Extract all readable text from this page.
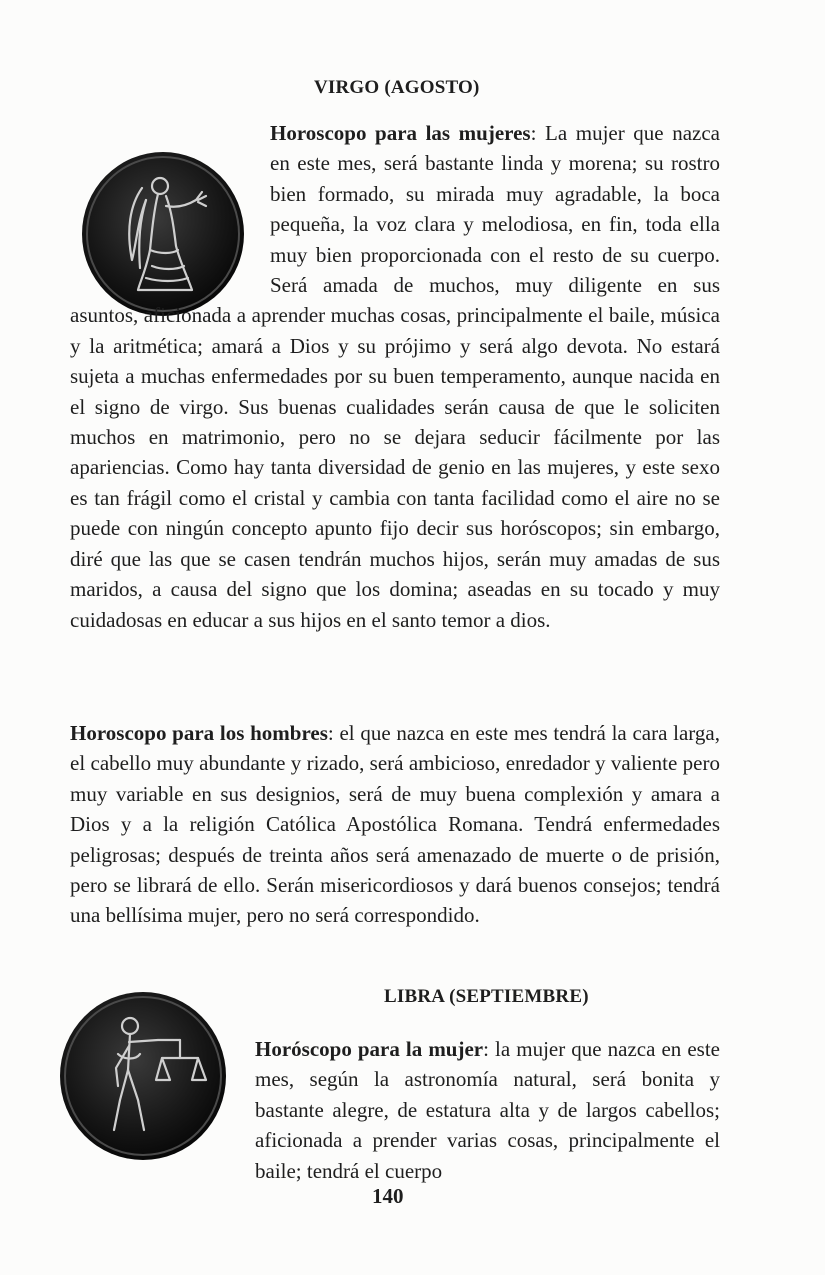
VIRGO (AGOSTO)
Horoscopo para las mujeres: La mujer que nazca en este mes, será bastante linda y morena; su rostro bien formado, su mirada muy agradable, la boca pequeña, la voz clara y melodiosa, en fin, toda ella muy bien proporcionada con el resto de su cuerpo. Será amada de muchos, muy diligente en sus asuntos, aficionada a aprender muchas cosas, principalmente el baile, música y la aritmética; amará a Dios y su prójimo y será algo devota. No estará sujeta a muchas enfermedades por su buen temperamento, aunque nacida en el signo de virgo. Sus buenas cualidades serán causa de que le soliciten muchos en matrimonio, pero no se dejara seducir fácilmente por las apariencias. Como hay tanta diversidad de genio en las mujeres, y este sexo es tan frágil como el cristal y cambia con tanta facilidad como el aire no se puede con ningún concepto apunto fijo decir sus horóscopos; sin embargo, diré que las que se casen tendrán muchos hijos, serán muy amadas de sus maridos, a causa del signo que los domina; aseadas en su tocado y muy cuidadosas en educar a sus hijos en el santo temor a dios.
Horoscopo para los hombres: el que nazca en este mes tendrá la cara larga, el cabello muy abundante y rizado, será ambicioso, enredador y valiente pero muy variable en sus designios, será de muy buena complexión y amara a Dios y a la religión Católica Apostólica Romana. Tendrá enfermedades peligrosas; después de treinta años será amenazado de muerte o de prisión, pero se librará de ello. Serán misericordiosos y dará buenos consejos; tendrá una bellísima mujer, pero no será correspondido.
LIBRA (SEPTIEMBRE)
Horóscopo para la mujer: la mujer que nazca en este mes, según la astronomía natural, será bonita y bastante alegre, de estatura alta y de largos cabellos; aficionada a prender varias cosas, principalmente el baile; tendrá el cuerpo
140
